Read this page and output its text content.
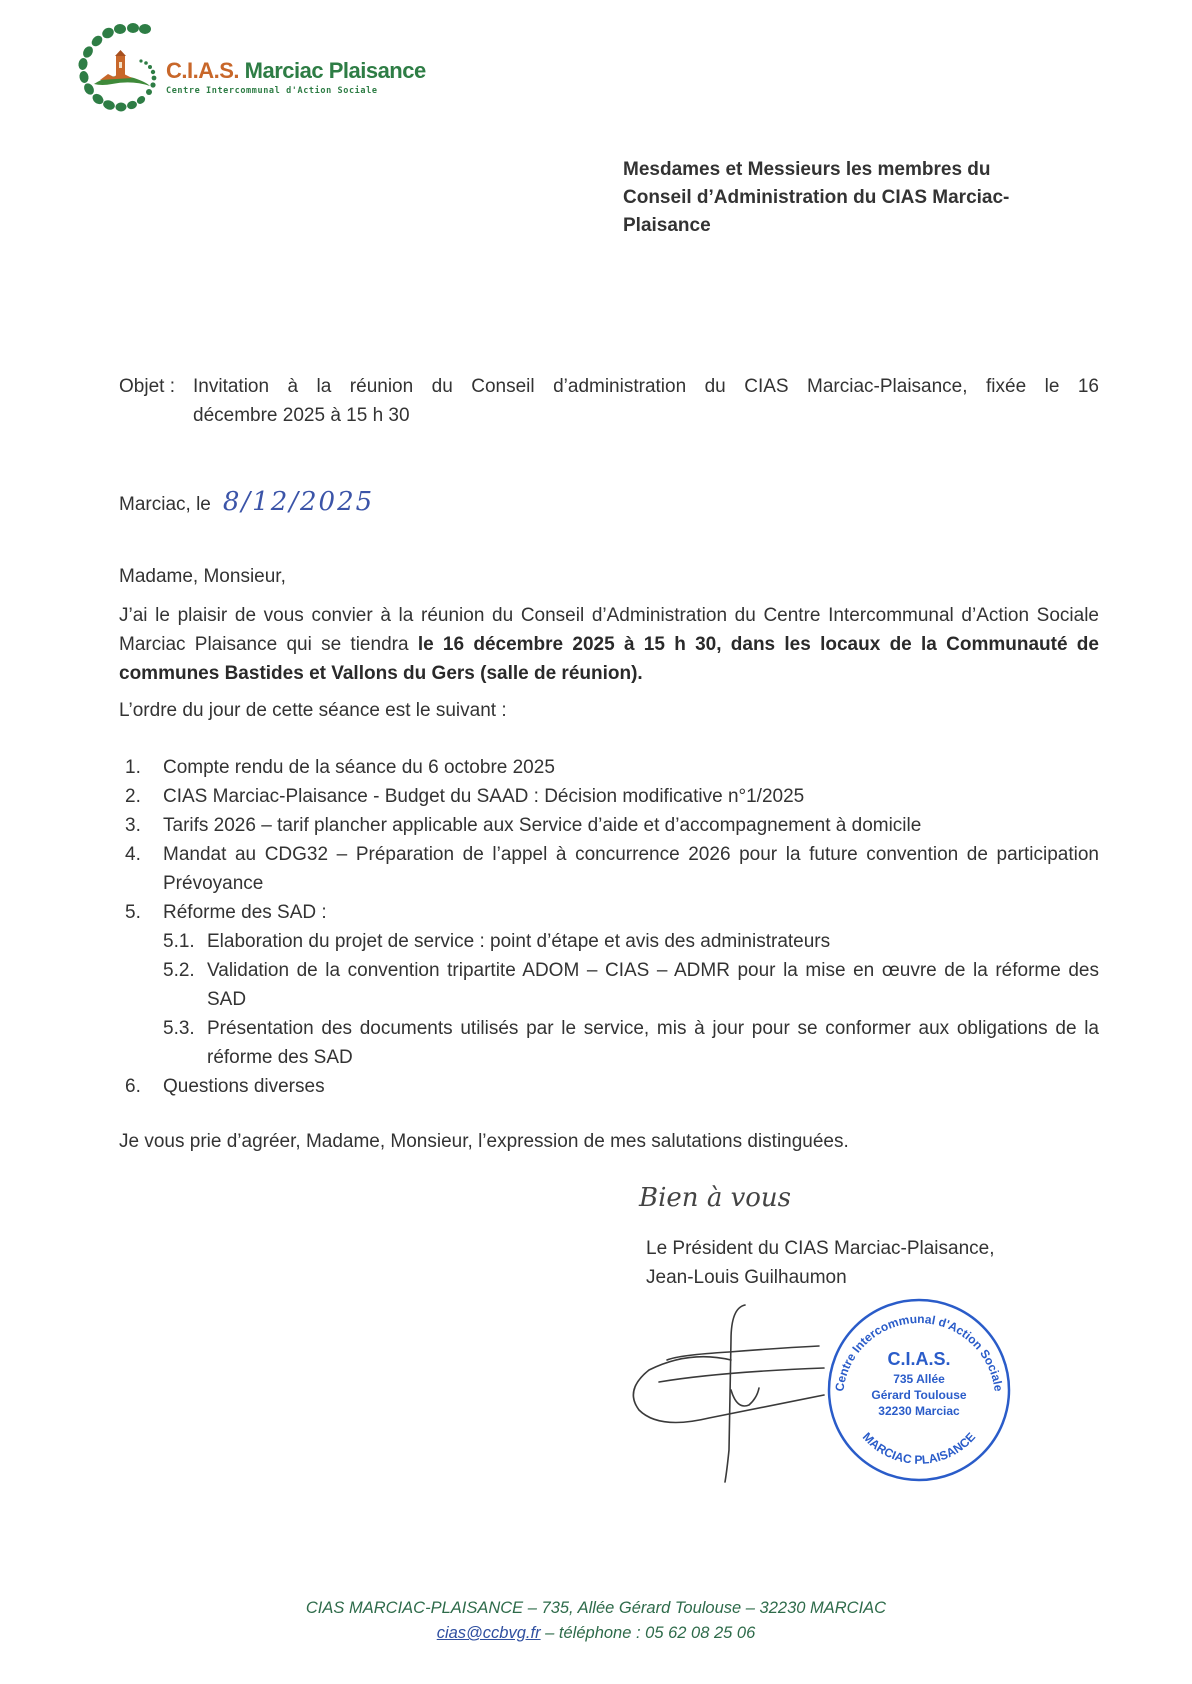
C.I.A.S. Marciac Plaisance
Centre Intercommunal d'Action Sociale
Mesdames et Messieurs les membres du
Conseil d’Administration du CIAS Marciac-
Plaisance
Objet : Invitation à la réunion du Conseil d’administration du CIAS Marciac-Plaisance, fixée le 16
décembre 2025 à 15 h 30
Marciac, le 8/12/2025
Madame, Monsieur,
J’ai le plaisir de vous convier à la réunion du Conseil d’Administration du Centre Intercommunal d’Action Sociale Marciac Plaisance qui se tiendra le 16 décembre 2025 à 15 h 30, dans les locaux de la Communauté de communes Bastides et Vallons du Gers (salle de réunion).
L’ordre du jour de cette séance est le suivant :
1. Compte rendu de la séance du 6 octobre 2025
2. CIAS Marciac-Plaisance - Budget du SAAD : Décision modificative n°1/2025
3. Tarifs 2026 – tarif plancher applicable aux Service d’aide et d’accompagnement à domicile
4. Mandat au CDG32 – Préparation de l’appel à concurrence 2026 pour la future convention de participation Prévoyance
5. Réforme des SAD :
5.1. Elaboration du projet de service : point d’étape et avis des administrateurs
5.2. Validation de la convention tripartite ADOM – CIAS – ADMR pour la mise en œuvre de la réforme des SAD
5.3. Présentation des documents utilisés par le service, mis à jour pour se conformer aux obligations de la réforme des SAD
6. Questions diverses
Je vous prie d’agréer, Madame, Monsieur, l’expression de mes salutations distinguées.
Bien à vous
Le Président du CIAS Marciac-Plaisance,
Jean-Louis Guilhaumon
Centre Intercommunal d'Action Sociale
MARCIAC PLAISANCE
C.I.A.S.
735 Allée
Gérard Toulouse
32230 Marciac
CIAS MARCIAC-PLAISANCE – 735, Allée Gérard Toulouse – 32230 MARCIAC
cias@ccbvg.fr – téléphone : 05 62 08 25 06
